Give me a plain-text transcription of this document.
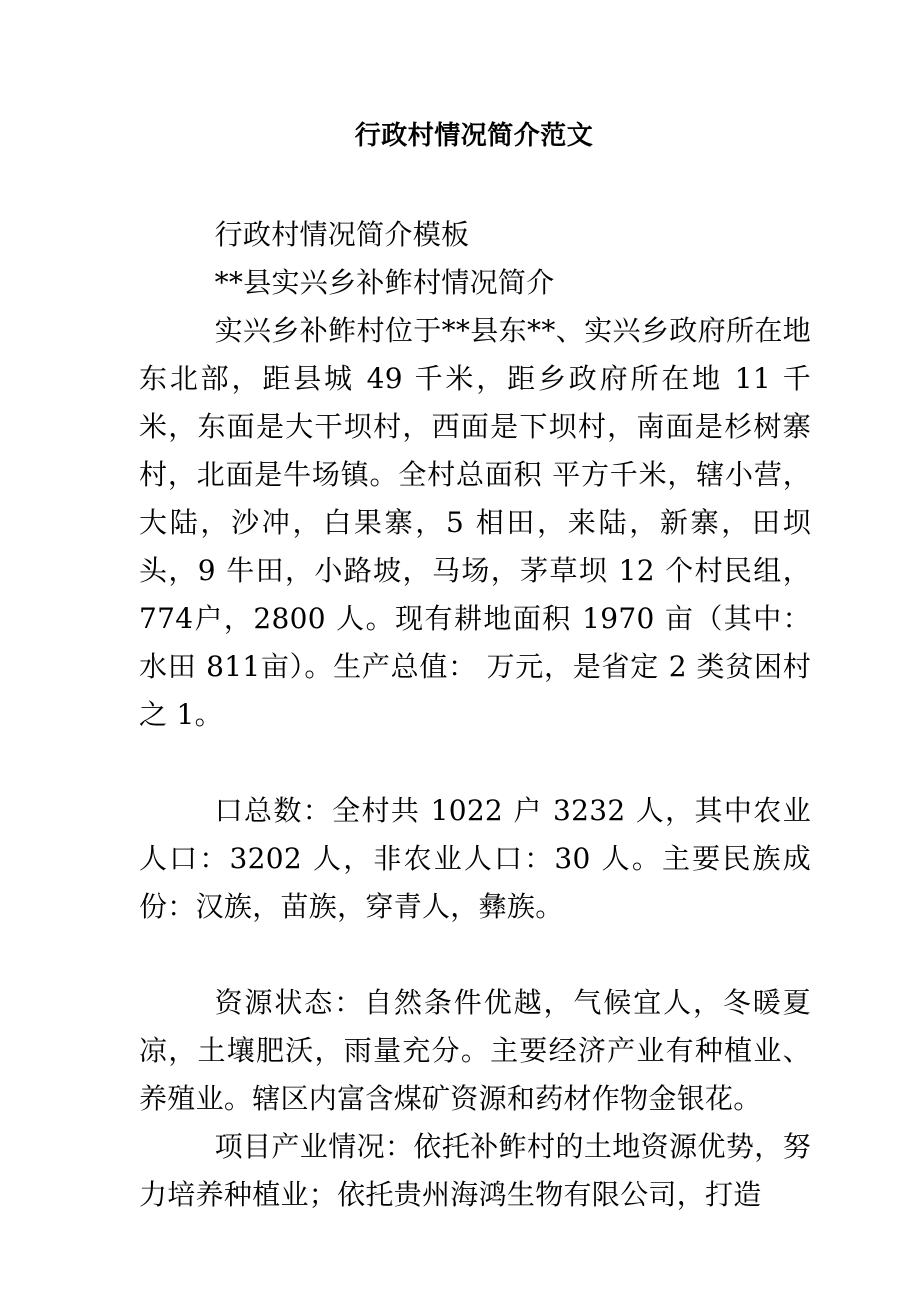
行政村情况简介范文

行政村情况简介模板

**县实兴乡补鲊村情况简介

实兴乡补鲊村位于**县东**、实兴乡政府所在地东北部，距县城 49 千米，距乡政府所在地 11 千米，东面是大干坝村，西面是下坝村，南面是杉树寨村，北面是牛场镇。全村总面积 平方千米，辖小营，大陆，沙冲，白果寨，5 相田，来陆，新寨，田坝头，9 牛田，小路坡，马场，茅草坝 12 个村民组，774户，2800 人。现有耕地面积 1970 亩（其中：水田 811亩）。生产总值： 万元，是省定 2 类贫困村之 1。

口总数：全村共 1022 户 3232 人，其中农业人口：3202 人，非农业人口：30 人。主要民族成份：汉族，苗族，穿青人，彝族。

资源状态：自然条件优越，气候宜人，冬暖夏凉，土壤肥沃，雨量充分。主要经济产业有种植业、养殖业。辖区内富含煤矿资源和药材作物金银花。

项目产业情况：依托补鲊村的土地资源优势，努力培养种植业；依托贵州海鸿生物有限公司，打造
